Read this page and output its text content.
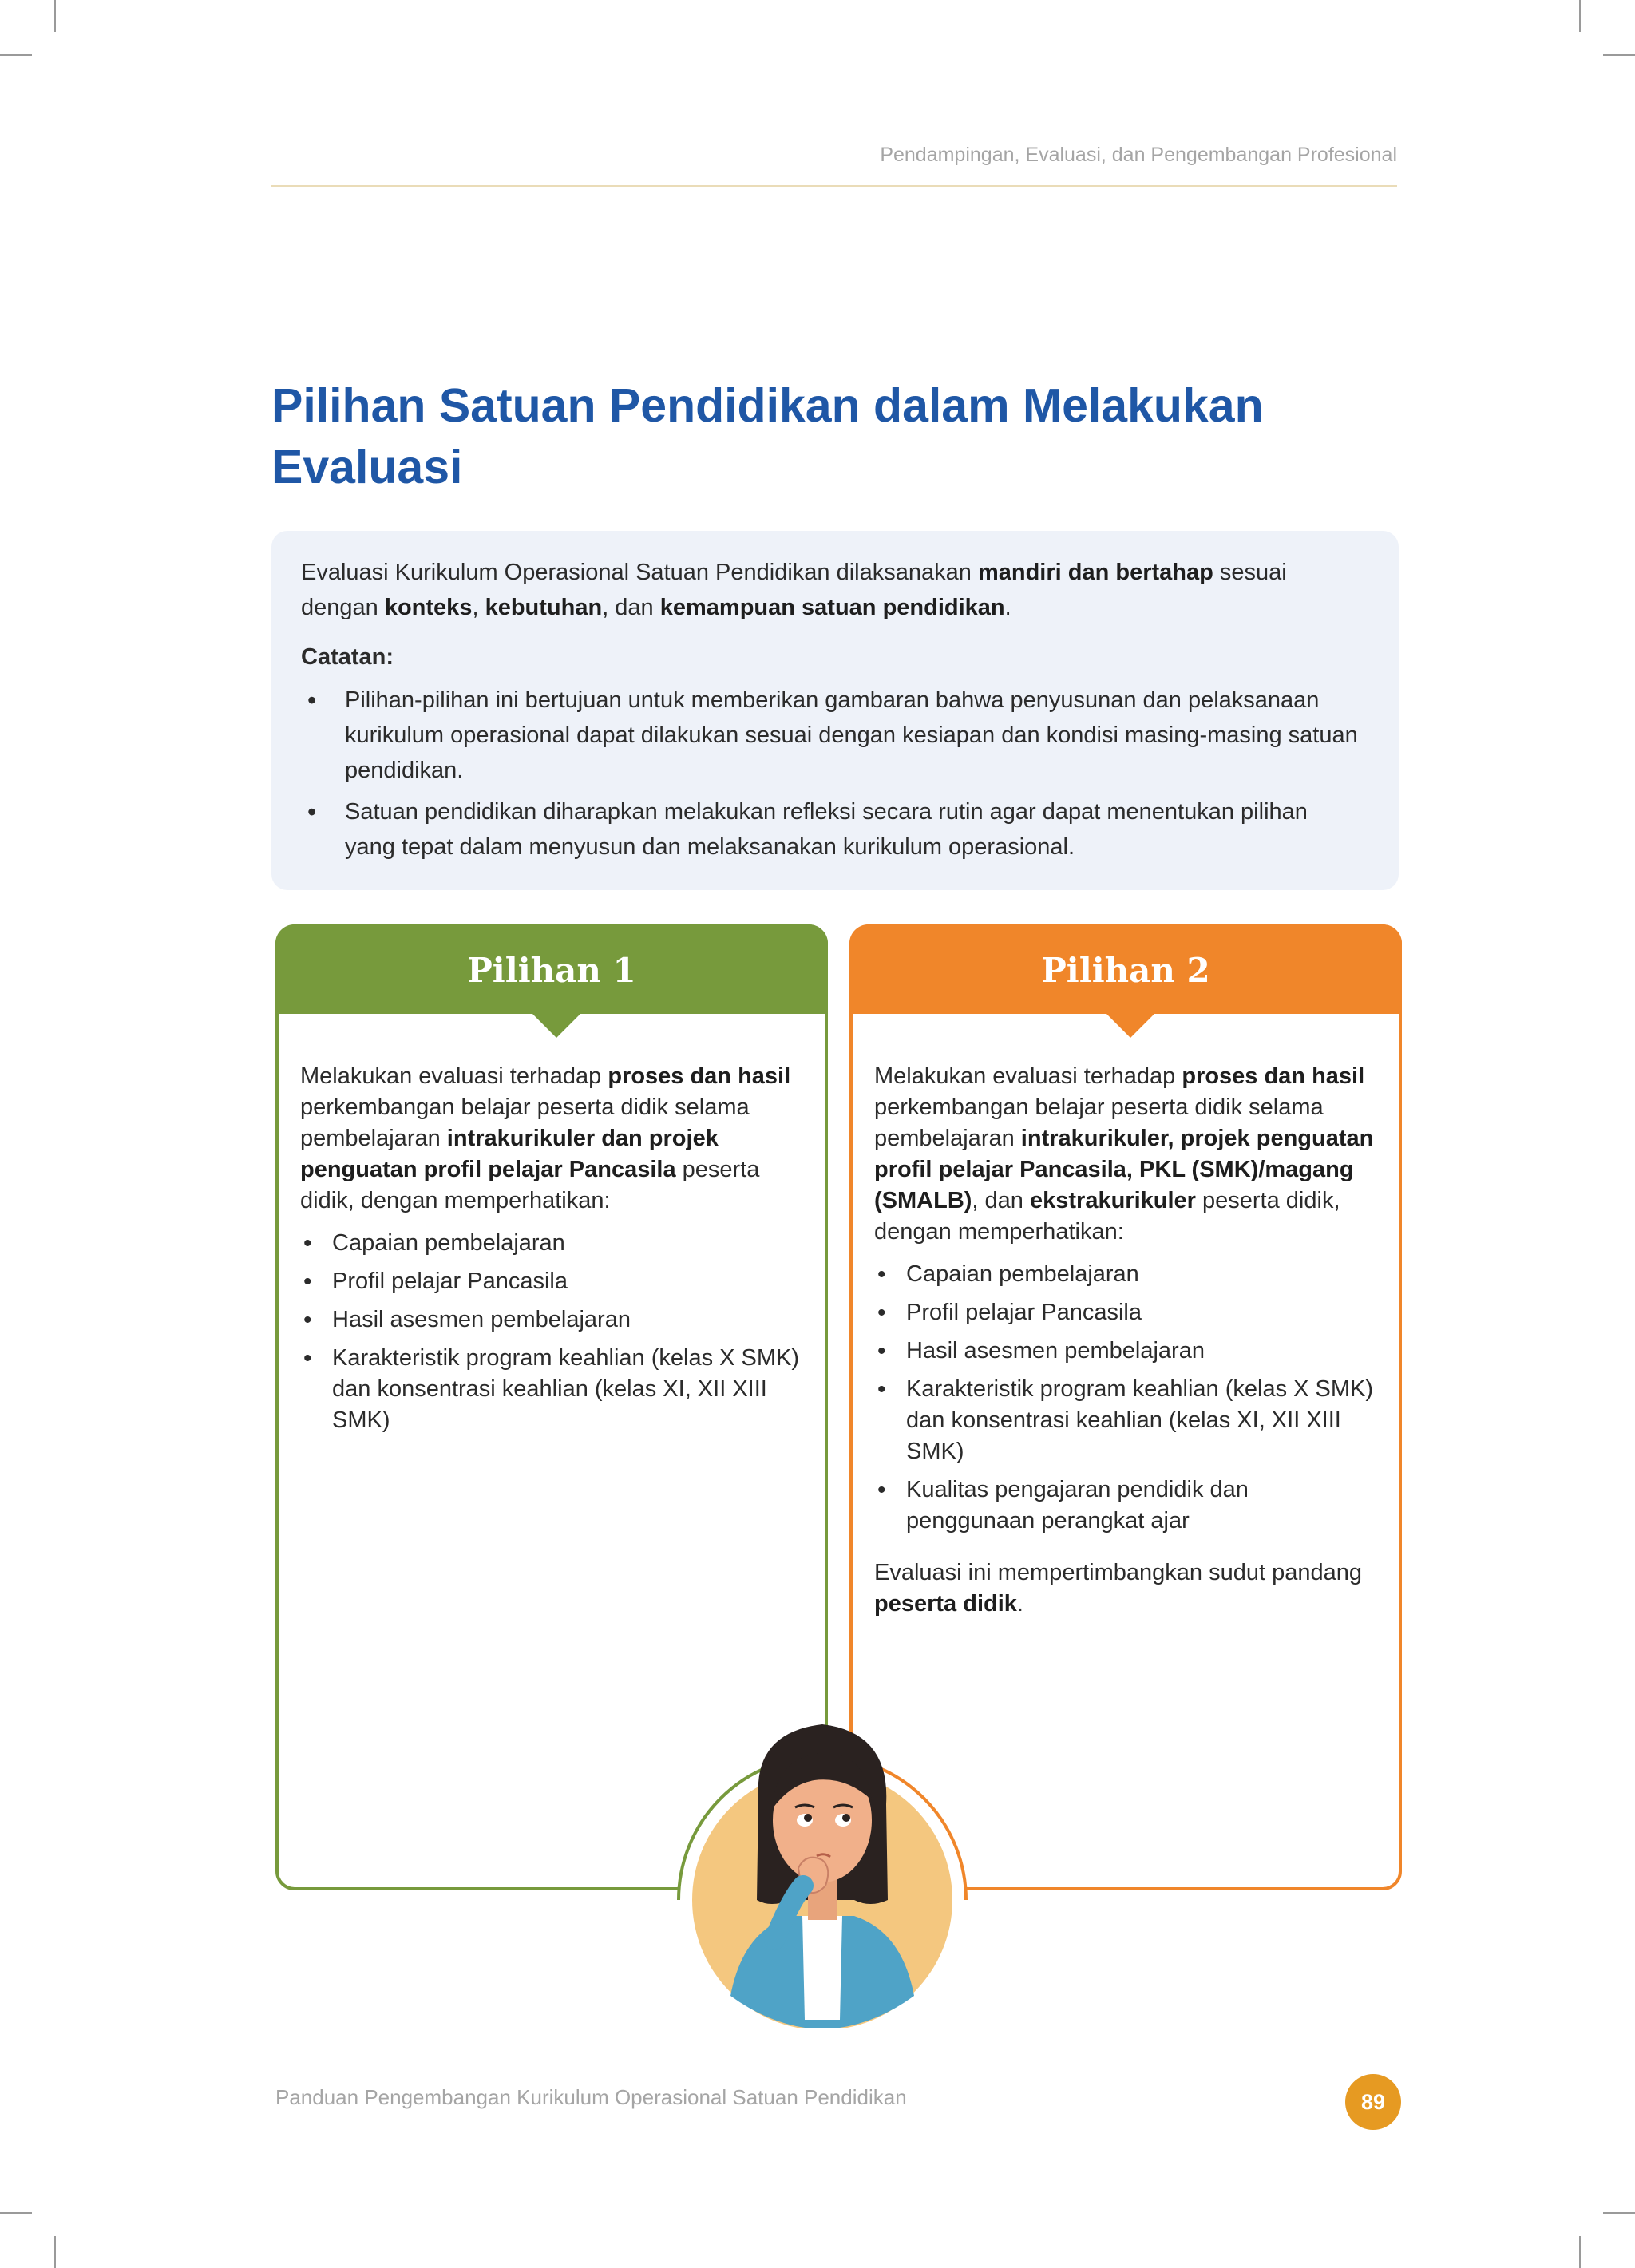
Pendampingan, Evaluasi, dan Pengembangan Profesional
Pilihan Satuan Pendidikan dalam Melakukan Evaluasi

Evaluasi Kurikulum Operasional Satuan Pendidikan dilaksanakan mandiri dan bertahap sesuai dengan konteks, kebutuhan, dan kemampuan satuan pendidikan.

Catatan:

• Pilihan-pilihan ini bertujuan untuk memberikan gambaran bahwa penyusunan dan pelaksanaan kurikulum operasional dapat dilakukan sesuai dengan kesiapan dan kondisi masing-masing satuan pendidikan.
• Satuan pendidikan diharapkan melakukan refleksi secara rutin agar dapat menentukan pilihan yang tepat dalam menyusun dan melaksanakan kurikulum operasional.
Pilihan 1

Melakukan evaluasi terhadap proses dan hasil perkembangan belajar peserta didik selama pembelajaran intrakurikuler dan projek penguatan profil pelajar Pancasila peserta didik, dengan memperhatikan:

• Capaian pembelajaran
• Profil pelajar Pancasila
• Hasil asesmen pembelajaran
• Karakteristik program keahlian (kelas X SMK) dan konsentrasi keahlian (kelas XI, XII XIII SMK)
Pilihan 2

Melakukan evaluasi terhadap proses dan hasil perkembangan belajar peserta didik selama pembelajaran intrakurikuler, projek penguatan profil pelajar Pancasila, PKL (SMK)/magang (SMALB), dan ekstrakurikuler peserta didik, dengan memperhatikan:

• Capaian pembelajaran
• Profil pelajar Pancasila
• Hasil asesmen pembelajaran
• Karakteristik program keahlian (kelas X SMK) dan konsentrasi keahlian (kelas XI, XII XIII SMK)
• Kualitas pengajaran pendidik dan penggunaan perangkat ajar

Evaluasi ini mempertimbangkan sudut pandang peserta didik.

Panduan Pengembangan Kurikulum Operasional Satuan Pendidikan	89
